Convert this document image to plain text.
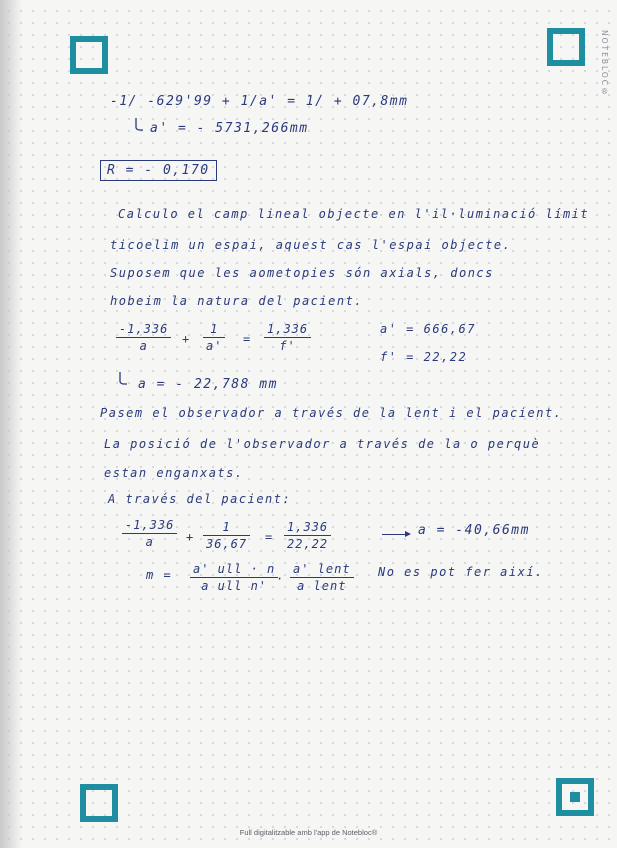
NOTEBLOC®
-1/ -629'99 + 1/a' = 1/ + 07,8mm
a' = - 5731,266mm
R = - 0,170
Calculo el camp lineal objecte en l'il·luminació límit
ticoelim un espai, aquest cas l'espai objecte.
Suposem que les aometopies són axials, doncs
hobeim la natura del pacient.
-1,336
a	+
1
a' =
1,336
f'
a' = 666,67
f' = 22,22
a = - 22,788 mm
Pasem el observador a través de la lent i el pacient.
La posició de l'observador a través de la o perquè
estan enganxats.
A través del pacient:
-1,336
a	+
1
36,67 =
1,336
22,22
a = -40,66mm
m = a' ull · n
a ull n' ·
a' lent
a lent
No es pot fer així.
Full digitalitzable amb l'app de Notebloc®
